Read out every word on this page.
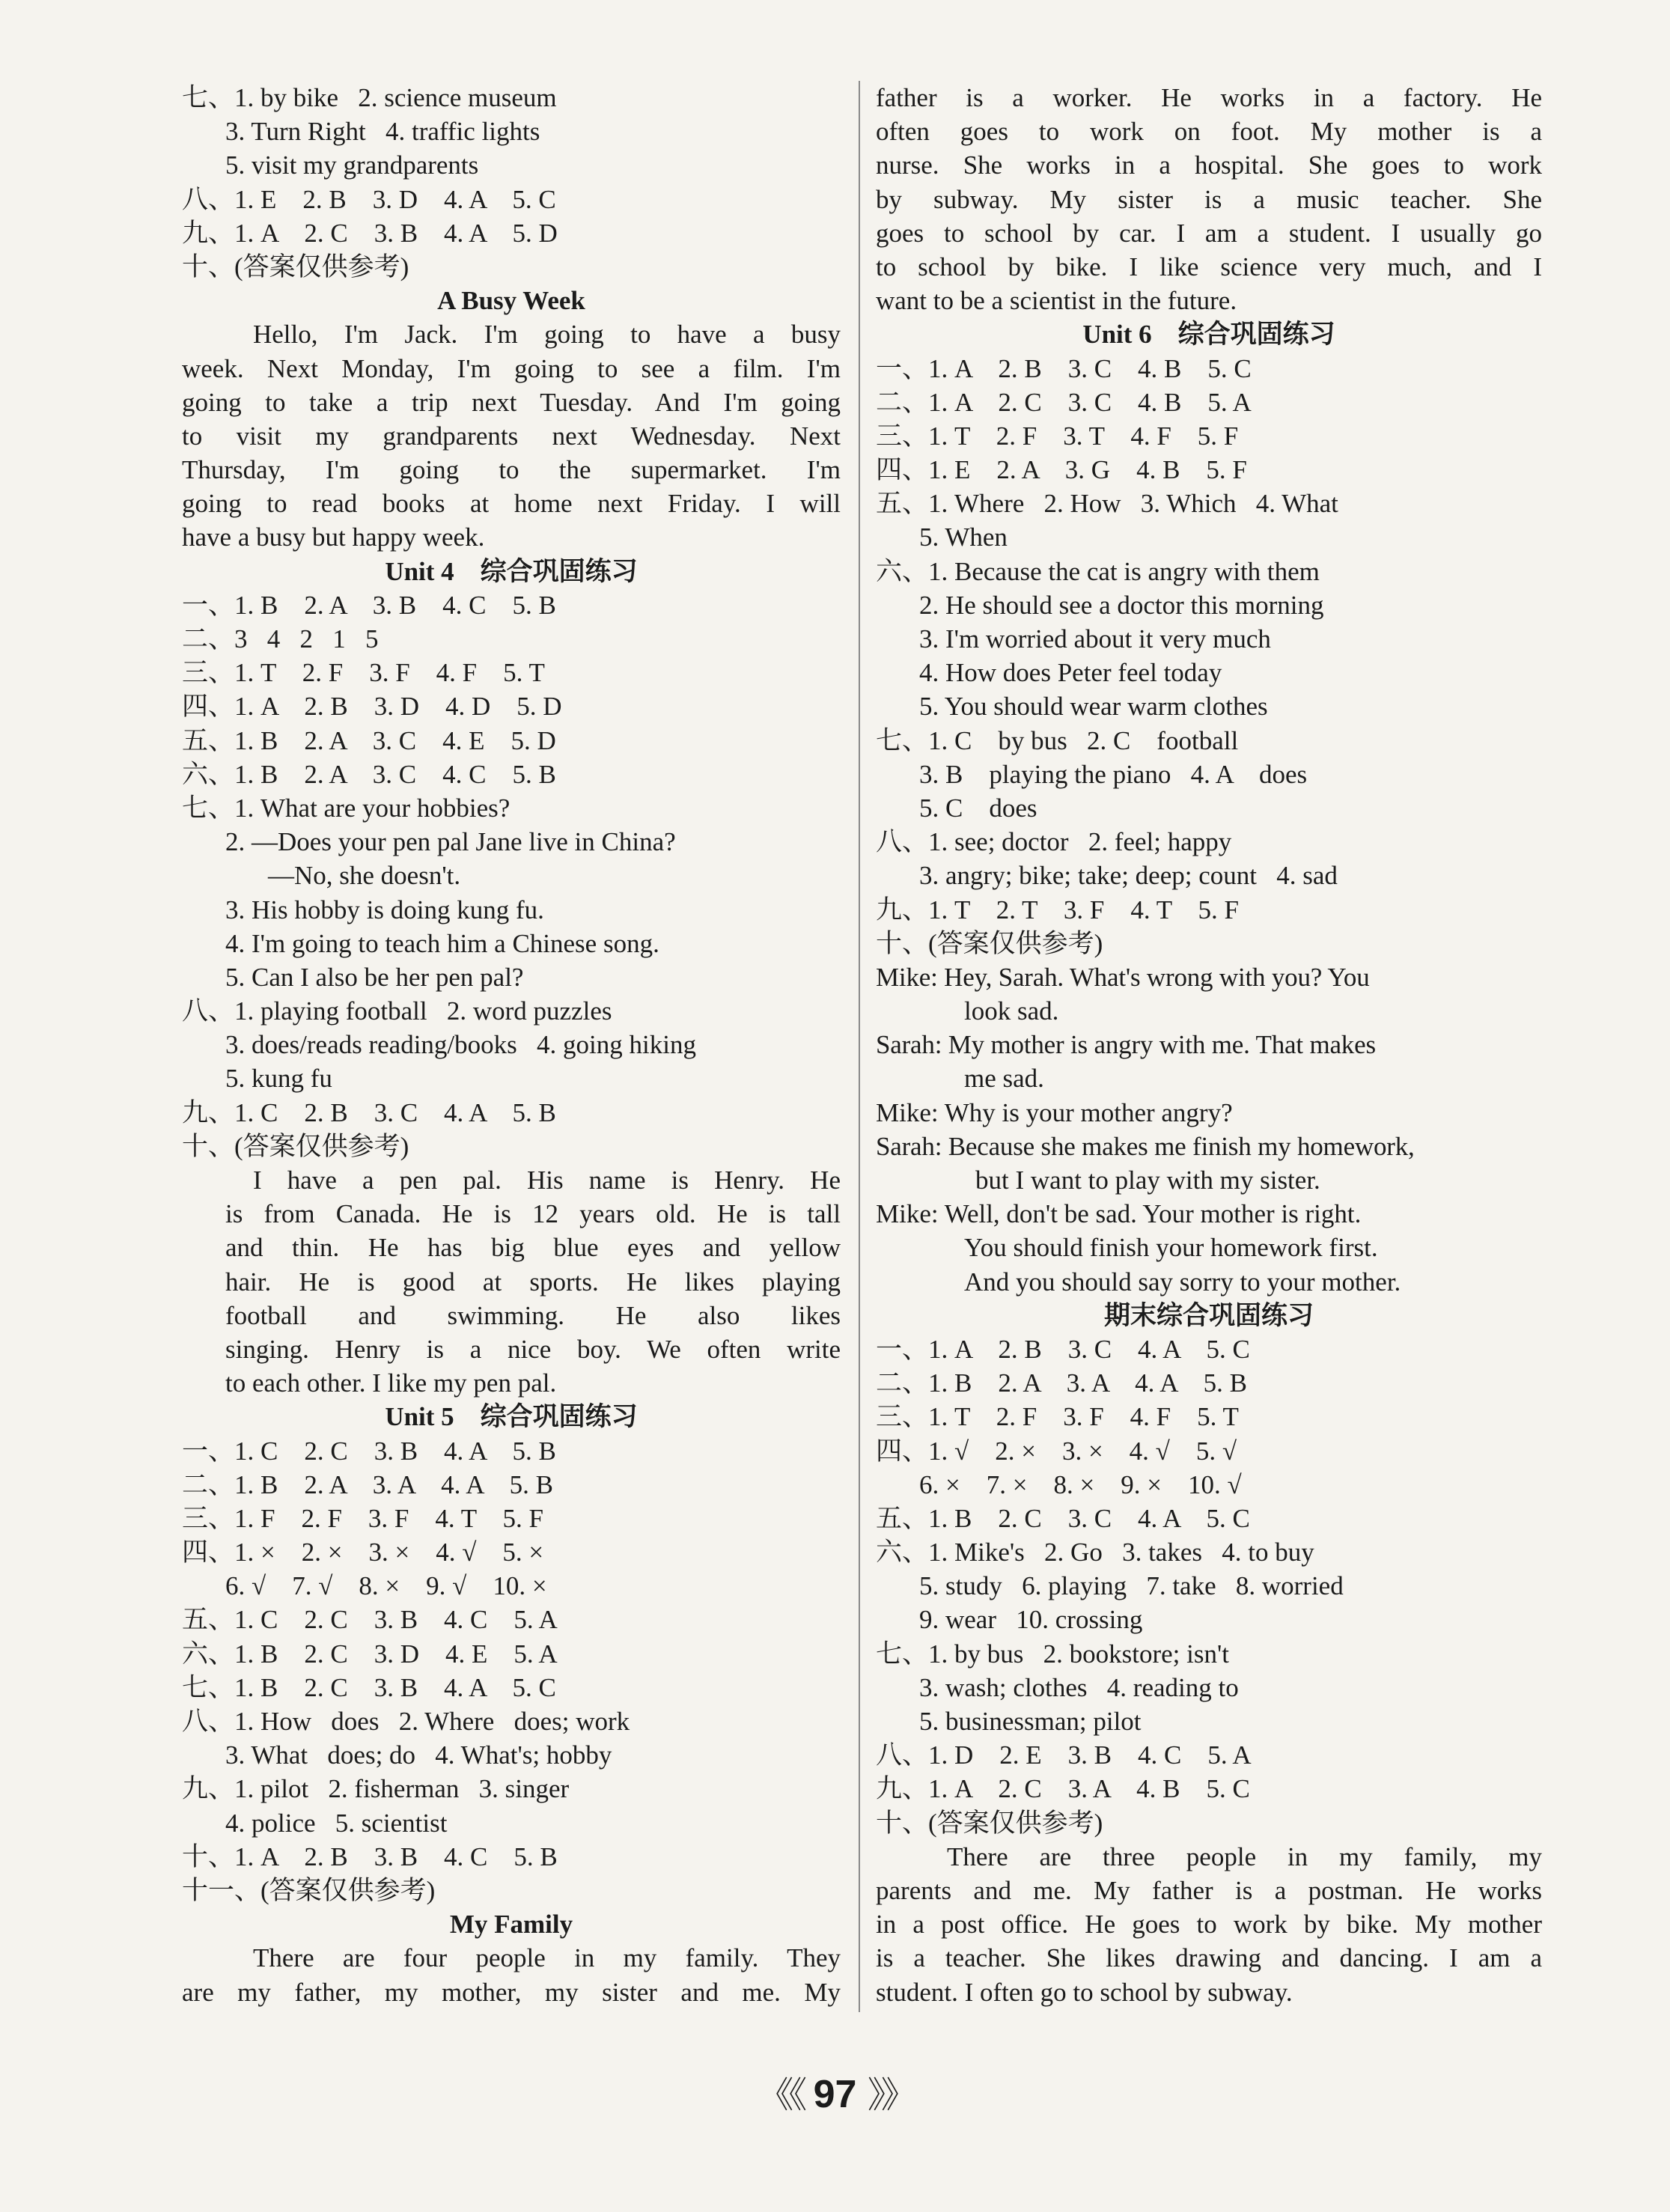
七、1. by bike   2. science museum
3. Turn Right   4. traffic lights
5. visit my grandparents
八、1. E    2. B    3. D    4. A    5. C
九、1. A    2. C    3. B    4. A    5. D
十、(答案仅供参考)
A Busy Week
Hello, I'm Jack. I'm going to have a busy
week. Next Monday, I'm going to see a film. I'm
going to take a trip next Tuesday. And I'm going
to visit my grandparents next Wednesday. Next
Thursday, I'm going to the supermarket. I'm
going to read books at home next Friday. I will
have a busy but happy week.
Unit 4    综合巩固练习
一、1. B    2. A    3. B    4. C    5. B
二、3   4   2   1   5
三、1. T    2. F    3. F    4. F    5. T
四、1. A    2. B    3. D    4. D    5. D
五、1. B    2. A    3. C    4. E    5. D
六、1. B    2. A    3. C    4. C    5. B
七、1. What are your hobbies?
2. —Does your pen pal Jane live in China?
—No, she doesn't.
3. His hobby is doing kung fu.
4. I'm going to teach him a Chinese song.
5. Can I also be her pen pal?
八、1. playing football   2. word puzzles
3. does/reads reading/books   4. going hiking
5. kung fu
九、1. C    2. B    3. C    4. A    5. B
十、(答案仅供参考)
I have a pen pal. His name is Henry. He
is from Canada. He is 12 years old. He is tall
and thin. He has big blue eyes and yellow
hair. He is good at sports. He likes playing
football and swimming. He also likes
singing. Henry is a nice boy. We often write
to each other. I like my pen pal.
Unit 5    综合巩固练习
一、1. C    2. C    3. B    4. A    5. B
二、1. B    2. A    3. A    4. A    5. B
三、1. F    2. F    3. F    4. T    5. F
四、1. ×    2. ×    3. ×    4. √    5. ×
6. √    7. √    8. ×    9. √    10. ×
五、1. C    2. C    3. B    4. C    5. A
六、1. B    2. C    3. D    4. E    5. A
七、1. B    2. C    3. B    4. A    5. C
八、1. How   does   2. Where   does; work
3. What   does; do   4. What's; hobby
九、1. pilot   2. fisherman   3. singer
4. police   5. scientist
十、1. A    2. B    3. B    4. C    5. B
十一、(答案仅供参考)
My Family
There are four people in my family. They
are my father, my mother, my sister and me. My
father is a worker. He works in a factory. He
often goes to work on foot. My mother is a
nurse. She works in a hospital. She goes to work
by subway. My sister is a music teacher. She
goes to school by car. I am a student. I usually go
to school by bike. I like science very much, and I
want to be a scientist in the future.
Unit 6    综合巩固练习
一、1. A    2. B    3. C    4. B    5. C
二、1. A    2. C    3. C    4. B    5. A
三、1. T    2. F    3. T    4. F    5. F
四、1. E    2. A    3. G    4. B    5. F
五、1. Where   2. How   3. Which   4. What
5. When
六、1. Because the cat is angry with them
2. He should see a doctor this morning
3. I'm worried about it very much
4. How does Peter feel today
5. You should wear warm clothes
七、1. C    by bus   2. C    football
3. B    playing the piano   4. A    does
5. C    does
八、1. see; doctor   2. feel; happy
3. angry; bike; take; deep; count   4. sad
九、1. T    2. T    3. F    4. T    5. F
十、(答案仅供参考)
Mike: Hey, Sarah. What's wrong with you? You
look sad.
Sarah: My mother is angry with me. That makes
me sad.
Mike: Why is your mother angry?
Sarah: Because she makes me finish my homework,
but I want to play with my sister.
Mike: Well, don't be sad. Your mother is right.
You should finish your homework first.
And you should say sorry to your mother.
期末综合巩固练习
一、1. A    2. B    3. C    4. A    5. C
二、1. B    2. A    3. A    4. A    5. B
三、1. T    2. F    3. F    4. F    5. T
四、1. √    2. ×    3. ×    4. √    5. √
6. ×    7. ×    8. ×    9. ×    10. √
五、1. B    2. C    3. C    4. A    5. C
六、1. Mike's   2. Go   3. takes   4. to buy
5. study   6. playing   7. take   8. worried
9. wear   10. crossing
七、1. by bus   2. bookstore; isn't
3. wash; clothes   4. reading to
5. businessman; pilot
八、1. D    2. E    3. B    4. C    5. A
九、1. A    2. C    3. A    4. B    5. C
十、(答案仅供参考)
There are three people in my family, my
parents and me. My father is a postman. He works
in a post office. He goes to work by bike. My mother
is a teacher. She likes drawing and dancing. I am a
student. I often go to school by subway.
《《 97 》》
